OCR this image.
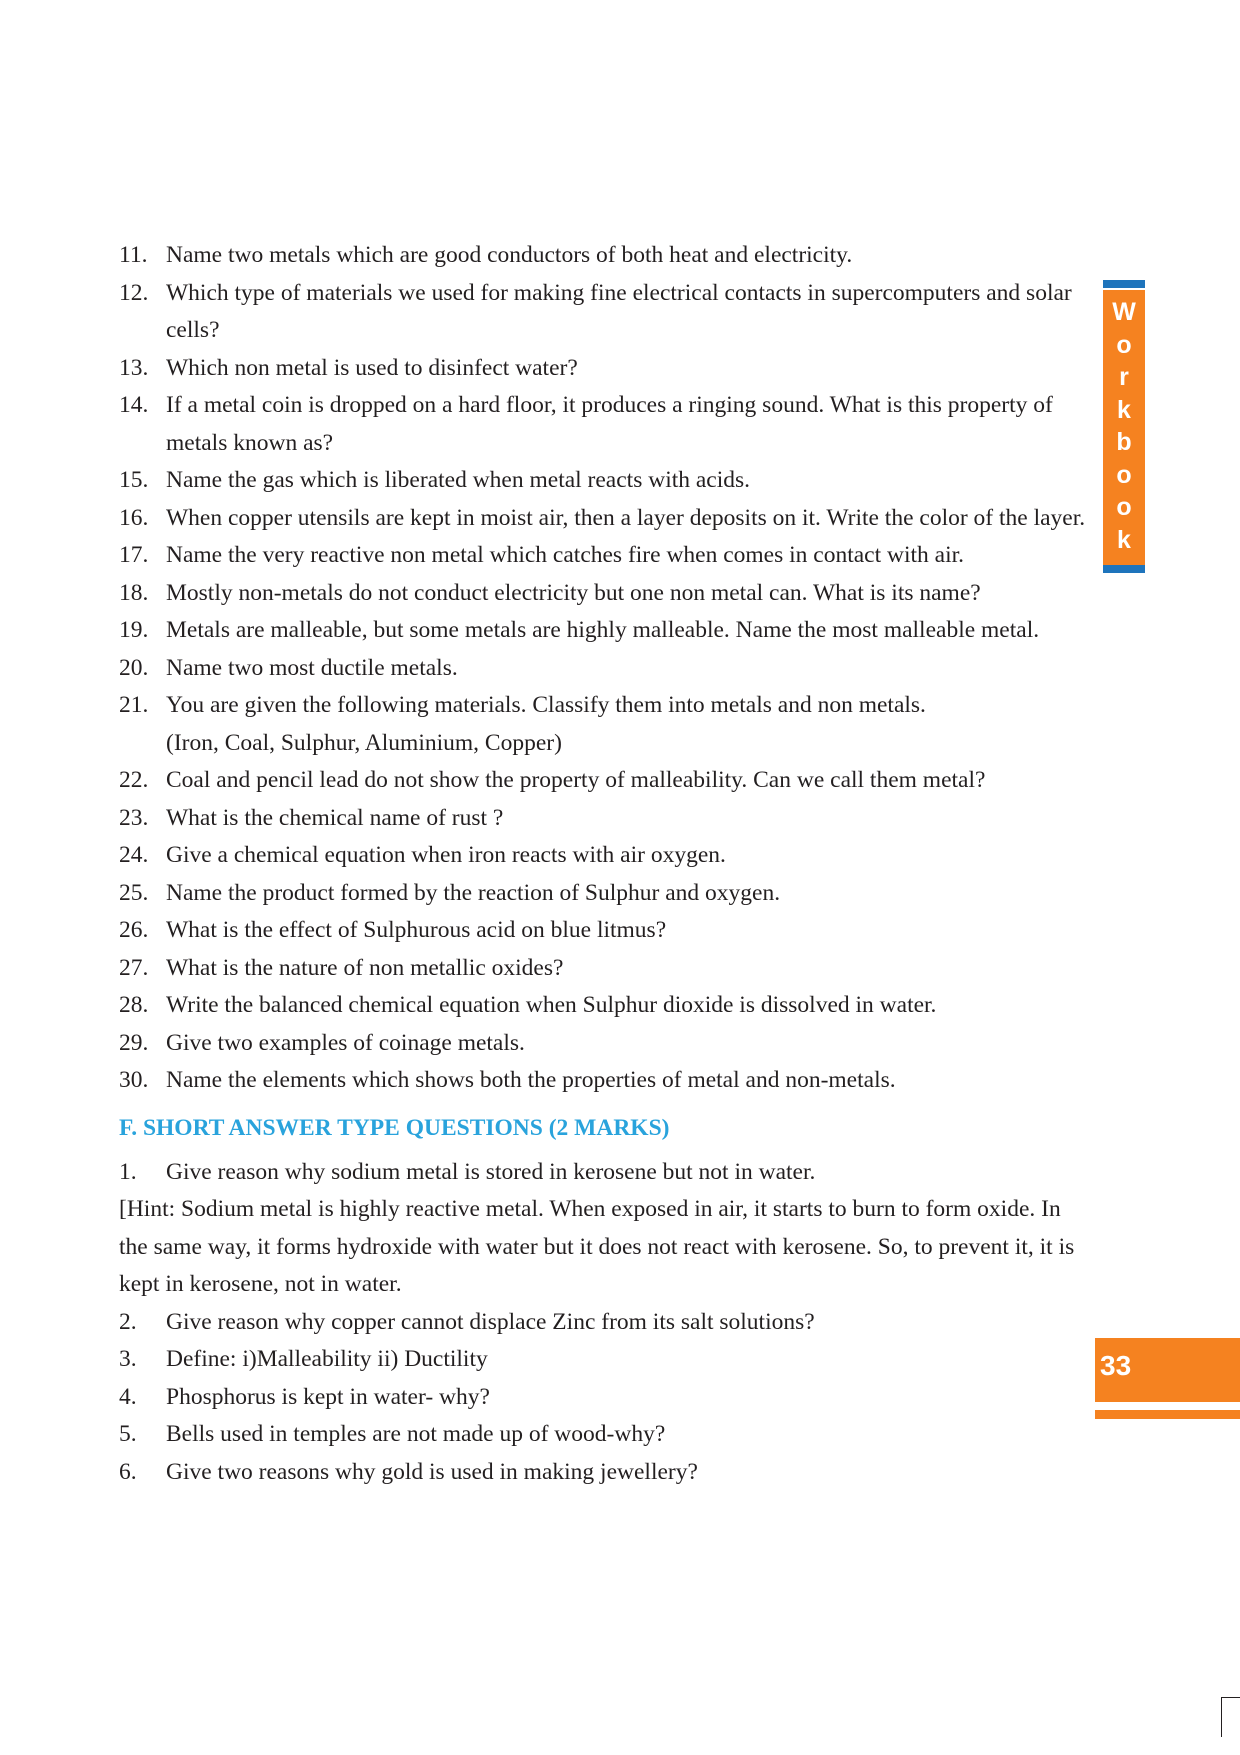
11. Name two metals which are good conductors of both heat and electricity.
12. Which type of materials we used for making fine electrical contacts in supercomputers and solar cells?
13. Which non metal is used to disinfect water?
14. If a metal coin is dropped on a hard floor, it produces a ringing sound. What is this property of metals known as?
15. Name the gas which is liberated when metal reacts with acids.
16. When copper utensils are kept in moist air, then a layer deposits on it. Write the color of the layer.
17. Name the very reactive non metal which catches fire when comes in contact with air.
18. Mostly non-metals do not conduct electricity but one non metal can. What is its name?
19. Metals are malleable, but some metals are highly malleable. Name the most malleable metal.
20. Name two most ductile metals.
21. You are given the following materials. Classify them into metals and non metals.
(Iron, Coal, Sulphur, Aluminium, Copper)
22. Coal and pencil lead do not show the property of malleability. Can we call them metal?
23. What is the chemical name of rust ?
24. Give a chemical equation when iron reacts with air oxygen.
25. Name the product formed by the reaction of Sulphur and oxygen.
26. What is the effect of Sulphurous acid on blue litmus?
27. What is the nature of non metallic oxides?
28. Write the balanced chemical equation when Sulphur dioxide is dissolved in water.
29. Give two examples of coinage metals.
30. Name the elements which shows both the properties of metal and non-metals.
F. SHORT ANSWER TYPE QUESTIONS (2 MARKS)
1.	Give reason why sodium metal is stored in kerosene but not in water.
[Hint: Sodium metal is highly reactive metal. When exposed in air, it starts to burn to form oxide. In the same way, it forms hydroxide with water but it does not react with kerosene. So, to prevent it, it is kept in kerosene, not in water.
2.	Give reason why copper cannot displace Zinc from its salt solutions?
3.	Define: i)Malleability ii) Ductility
4.	Phosphorus is kept in water- why?
5.	Bells used in temples are not made up of wood-why?
6.	Give two reasons why gold is used in making jewellery?
W
o
r
k
b
o
o
k
33
